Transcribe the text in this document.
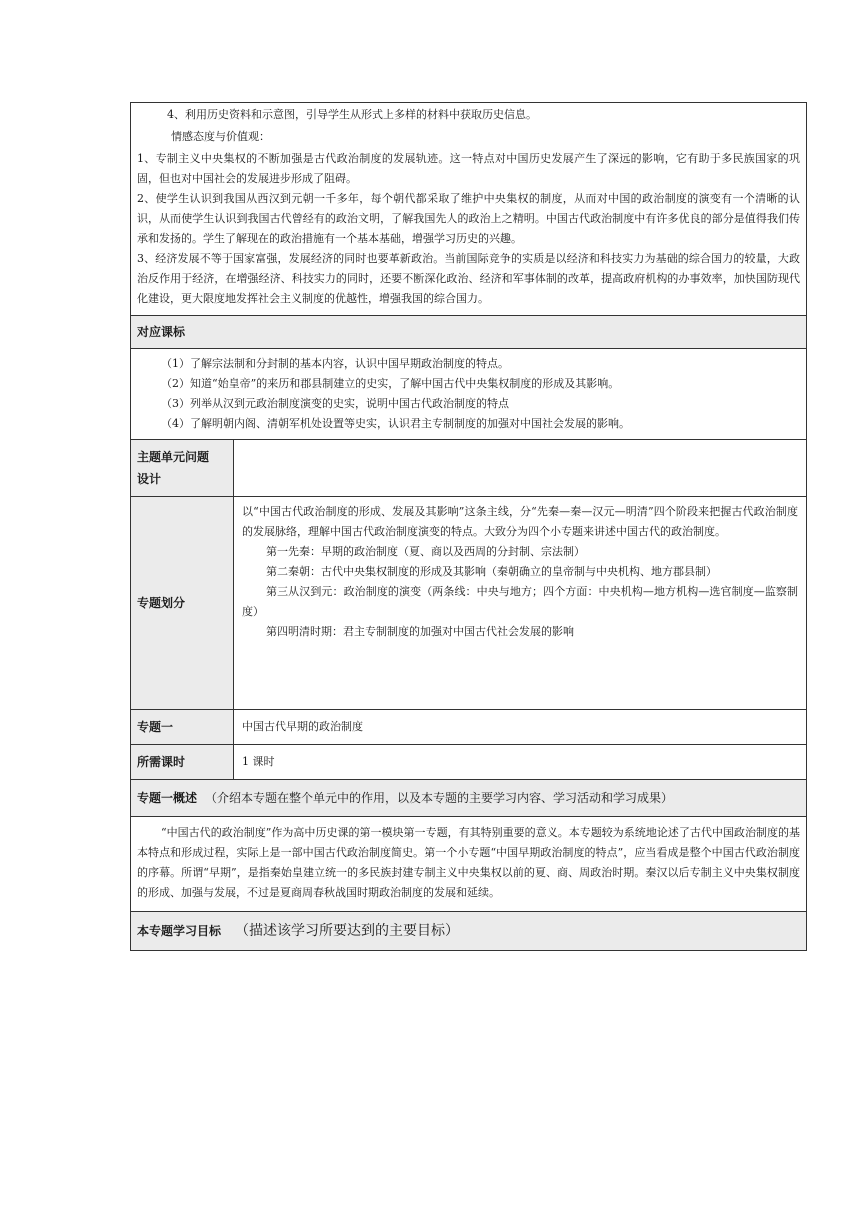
4、利用历史资料和示意图，引导学生从形式上多样的材料中获取历史信息。

情感态度与价值观：

1、专制主义中央集权的不断加强是古代政治制度的发展轨迹。这一特点对中国历史发展产生了深远的影响，它有助于多民族国家的巩固，但也对中国社会的发展进步形成了阻碍。

2、使学生认识到我国从西汉到元朝一千多年，每个朝代都采取了维护中央集权的制度，从而对中国的政治制度的演变有一个清晰的认识，从而使学生认识到我国古代曾经有的政治文明，了解我国先人的政治上之精明。中国古代政治制度中有许多优良的部分是值得我们传承和发扬的。学生了解现在的政治措施有一个基本基础，增强学习历史的兴趣。

3、经济发展不等于国家富强，发展经济的同时也要革新政治。当前国际竞争的实质是以经济和科技实力为基础的综合国力的较量，大政治反作用于经济，在增强经济、科技实力的同时，还要不断深化政治、经济和军事体制的改革，提高政府机构的办事效率，加快国防现代化建设，更大限度地发挥社会主义制度的优越性，增强我国的综合国力。	

对应课标	

（1）了解宗法制和分封制的基本内容，认识中国早期政治制度的特点。

（2）知道“始皇帝”的来历和郡县制建立的史实，了解中国古代中央集权制度的形成及其影响。

（3）列举从汉到元政治制度演变的史实，说明中国古代政治制度的特点

（4）了解明朝内阁、清朝军机处设置等史实，认识君主专制制度的加强对中国社会发展的影响。	

主题单元问题
设计	

专题划分	以“中国古代政治制度的形成、发展及其影响”这条主线，分“先秦—秦—汉元—明清”四个阶段来把握古代政治制度的发展脉络，理解中国古代政治制度演变的特点。大致分为四个小专题来讲述中国古代的政治制度。

第一先秦：早期的政治制度（夏、商以及西周的分封制、宗法制）

第二秦朝：古代中央集权制度的形成及其影响（秦朝确立的皇帝制与中央机构、地方郡县制）

第三从汉到元：政治制度的演变（两条线：中央与地方；四个方面：中央机构—地方机构—选官制度—监察制度）

第四明清时期：君主专制制度的加强对中国古代社会发展的影响

专题一	中国古代早期的政治制度
所需课时	1 课时
专题一概述 （介绍本专题在整个单元中的作用，以及本专题的主要学习内容、学习活动和学习成果）	

“中国古代的政治制度”作为高中历史课的第一模块第一专题，有其特别重要的意义。本专题较为系统地论述了古代中国政治制度的基本特点和形成过程，实际上是一部中国古代政治制度简史。第一个小专题“中国早期政治制度的特点”，应当看成是整个中国古代政治制度的序幕。所谓“早期”，是指秦始皇建立统一的多民族封建专制主义中央集权以前的夏、商、周政治时期。秦汉以后专制主义中央集权制度的形成、加强与发展，不过是夏商周春秋战国时期政治制度的发展和延续。	

本专题学习目标 （描述该学习所要达到的主要目标）	
